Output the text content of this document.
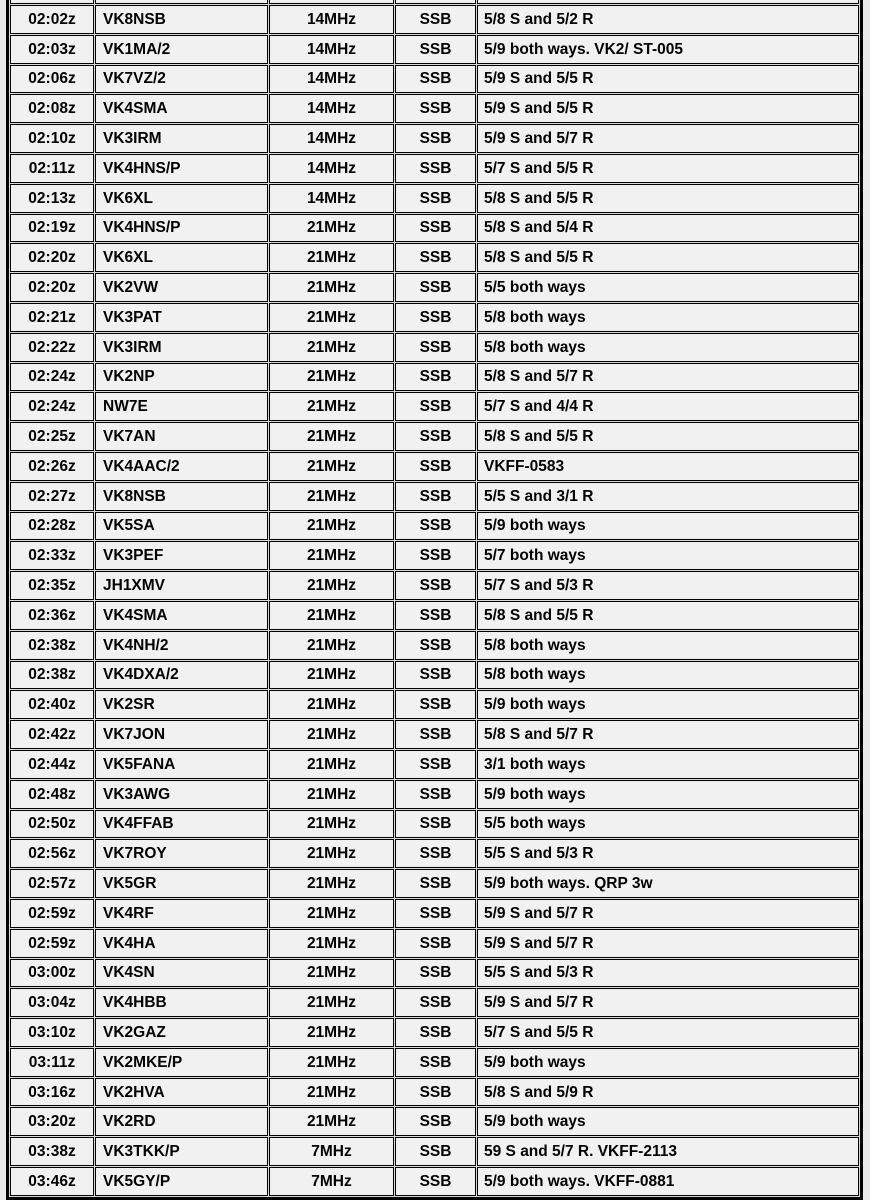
02:02z	VK8NSB	14MHz	SSB	5/8 S and 5/2 R
02:03z	VK1MA/2	14MHz	SSB	5/9 both ways. VK2/ ST-005
02:06z	VK7VZ/2	14MHz	SSB	5/9 S and 5/5 R
02:08z	VK4SMA	14MHz	SSB	5/9 S and 5/5 R
02:10z	VK3IRM	14MHz	SSB	5/9 S and 5/7 R
02:11z	VK4HNS/P	14MHz	SSB	5/7 S and 5/5 R
02:13z	VK6XL	14MHz	SSB	5/8 S and 5/5 R
02:19z	VK4HNS/P	21MHz	SSB	5/8 S and 5/4 R
02:20z	VK6XL	21MHz	SSB	5/8 S and 5/5 R
02:20z	VK2VW	21MHz	SSB	5/5 both ways
02:21z	VK3PAT	21MHz	SSB	5/8 both ways
02:22z	VK3IRM	21MHz	SSB	5/8 both ways
02:24z	VK2NP	21MHz	SSB	5/8 S and 5/7 R
02:24z	NW7E	21MHz	SSB	5/7 S and 4/4 R
02:25z	VK7AN	21MHz	SSB	5/8 S and 5/5 R
02:26z	VK4AAC/2	21MHz	SSB	VKFF-0583
02:27z	VK8NSB	21MHz	SSB	5/5 S and 3/1 R
02:28z	VK5SA	21MHz	SSB	5/9 both ways
02:33z	VK3PEF	21MHz	SSB	5/7 both ways
02:35z	JH1XMV	21MHz	SSB	5/7 S and 5/3 R
02:36z	VK4SMA	21MHz	SSB	5/8 S and 5/5 R
02:38z	VK4NH/2	21MHz	SSB	5/8 both ways
02:38z	VK4DXA/2	21MHz	SSB	5/8 both ways
02:40z	VK2SR	21MHz	SSB	5/9 both ways
02:42z	VK7JON	21MHz	SSB	5/8 S and 5/7 R
02:44z	VK5FANA	21MHz	SSB	3/1 both ways
02:48z	VK3AWG	21MHz	SSB	5/9 both ways
02:50z	VK4FFAB	21MHz	SSB	5/5 both ways
02:56z	VK7ROY	21MHz	SSB	5/5 S and 5/3 R
02:57z	VK5GR	21MHz	SSB	5/9 both ways. QRP 3w
02:59z	VK4RF	21MHz	SSB	5/9 S and 5/7 R
02:59z	VK4HA	21MHz	SSB	5/9 S and 5/7 R
03:00z	VK4SN	21MHz	SSB	5/5 S and 5/3 R
03:04z	VK4HBB	21MHz	SSB	5/9 S and 5/7 R
03:10z	VK2GAZ	21MHz	SSB	5/7 S and 5/5 R
03:11z	VK2MKE/P	21MHz	SSB	5/9 both ways
03:16z	VK2HVA	21MHz	SSB	5/8 S and 5/9 R
03:20z	VK2RD	21MHz	SSB	5/9 both ways
03:38z	VK3TKK/P	7MHz	SSB	59 S and 5/7 R. VKFF-2113
03:46z	VK5GY/P	7MHz	SSB	5/9 both ways. VKFF-0881
